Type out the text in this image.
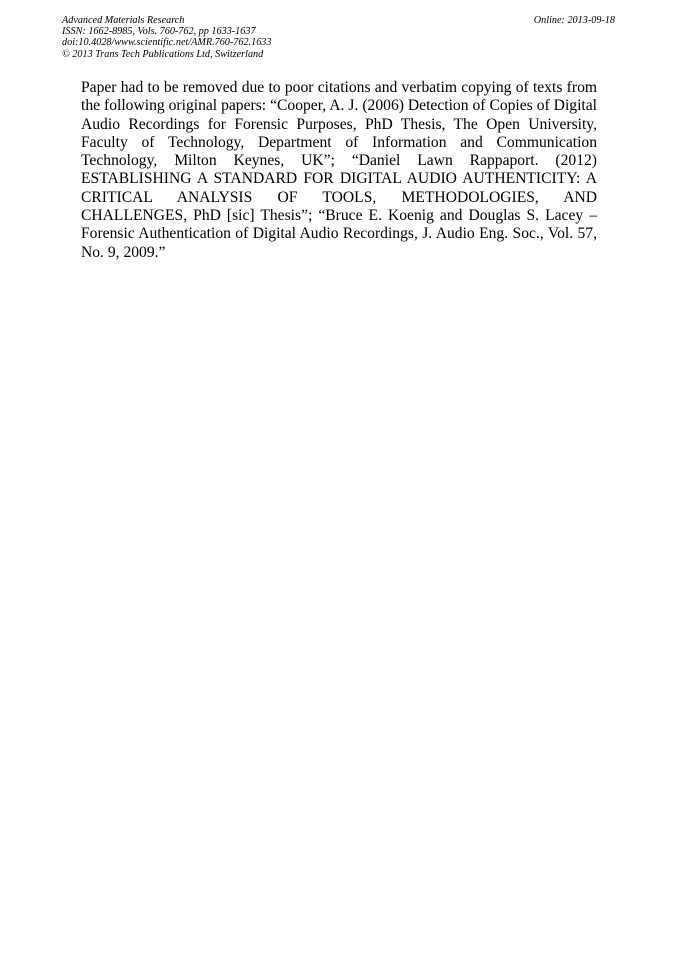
Advanced Materials Research
ISSN: 1662-8985, Vols. 760-762, pp 1633-1637
doi:10.4028/www.scientific.net/AMR.760-762.1633
© 2013 Trans Tech Publications Ltd, Switzerland
Online: 2013-09-18

Paper had to be removed due to poor citations and verbatim copying of texts from the following original papers: “Cooper, A. J. (2006) Detection of Copies of Digital Audio Recordings for Forensic Purposes, PhD Thesis, The Open University, Faculty of Technology, Department of Information and Communication Technology, Milton Keynes, UK”; “Daniel Lawn Rappaport. (2012) ESTABLISHING A STANDARD FOR DIGITAL AUDIO AUTHENTICITY: A CRITICAL ANALYSIS OF TOOLS, METHODOLOGIES, AND CHALLENGES, PhD [sic] Thesis”; “Bruce E. Koenig and Douglas S. Lacey – Forensic Authentication of Digital Audio Recordings, J. Audio Eng. Soc., Vol. 57, No. 9, 2009.”
